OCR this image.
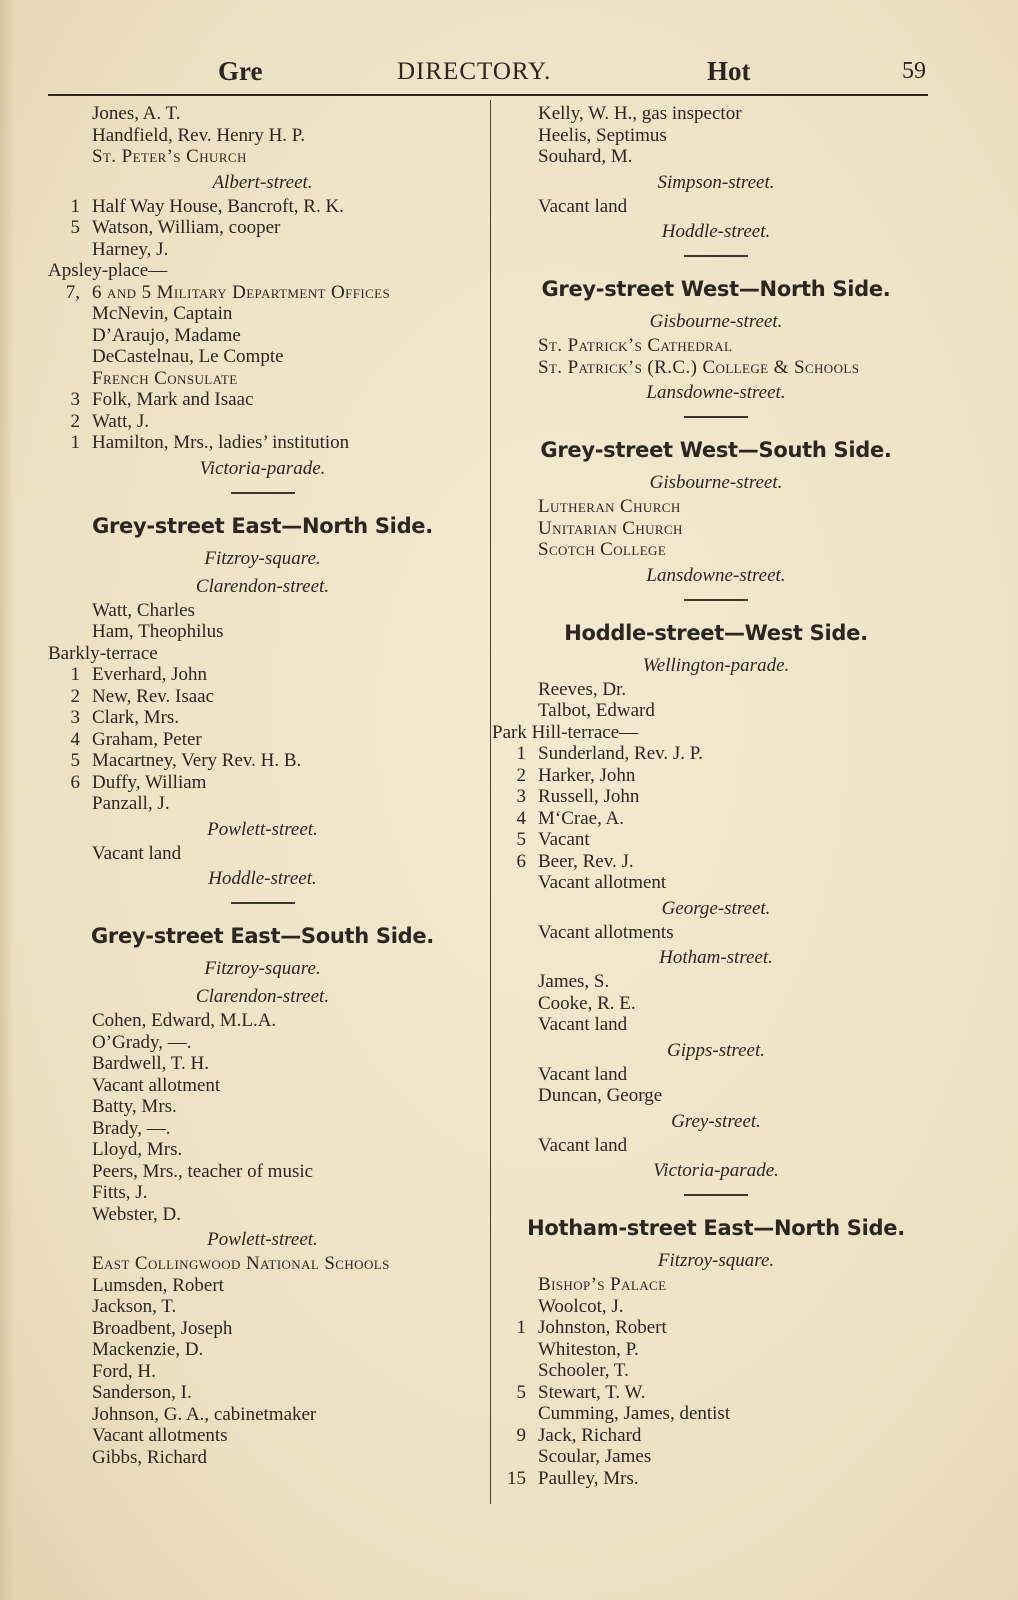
Gre	DIRECTORY.	Hot	59
Jones, A. T.
Handfield, Rev. Henry H. P.
St. Peter’s Church
Albert-street.
1 Half Way House, Bancroft, R. K.
5 Watson, William, cooper
Harney, J.
Apsley-place—
7, 6 and 5 Military Department Offices
McNevin, Captain
D’Araujo, Madame
DeCastelnau, Le Compte
French Consulate
3 Folk, Mark and Isaac
2 Watt, J.
1 Hamilton, Mrs., ladies’ institution
Victoria-parade.
Grey-street East—North Side.
Fitzroy-square.
Clarendon-street.
Watt, Charles
Ham, Theophilus
Barkly-terrace
1 Everhard, John
2 New, Rev. Isaac
3 Clark, Mrs.
4 Graham, Peter
5 Macartney, Very Rev. H. B.
6 Duffy, William
Panzall, J.
Powlett-street.
Vacant land
Hoddle-street.
Grey-street East—South Side.
Fitzroy-square.
Clarendon-street.
Cohen, Edward, M.L.A.
O’Grady, —.
Bardwell, T. H.
Vacant allotment
Batty, Mrs.
Brady, —.
Lloyd, Mrs.
Peers, Mrs., teacher of music
Fitts, J.
Webster, D.
Powlett-street.
East Collingwood National Schools
Lumsden, Robert
Jackson, T.
Broadbent, Joseph
Mackenzie, D.
Ford, H.
Sanderson, I.
Johnson, G. A., cabinetmaker
Vacant allotments
Gibbs, Richard
Kelly, W. H., gas inspector
Heelis, Septimus
Souhard, M.
Simpson-street.
Vacant land
Hoddle-street.
Grey-street West—North Side.
Gisbourne-street.
St. Patrick’s Cathedral
St. Patrick’s (R.C.) College & Schools
Lansdowne-street.
Grey-street West—South Side.
Gisbourne-street.
Lutheran Church
Unitarian Church
Scotch College
Lansdowne-street.
Hoddle-street—West Side.
Wellington-parade.
Reeves, Dr.
Talbot, Edward
Park Hill-terrace—
1 Sunderland, Rev. J. P.
2 Harker, John
3 Russell, John
4 M‘Crae, A.
5 Vacant
6 Beer, Rev. J.
Vacant allotment
George-street.
Vacant allotments
Hotham-street.
James, S.
Cooke, R. E.
Vacant land
Gipps-street.
Vacant land
Duncan, George
Grey-street.
Vacant land
Victoria-parade.
Hotham-street East—North Side.
Fitzroy-square.
Bishop’s Palace
Woolcot, J.
1 Johnston, Robert
Whiteston, P.
Schooler, T.
5 Stewart, T. W.
Cumming, James, dentist
9 Jack, Richard
Scoular, James
15 Paulley, Mrs.
